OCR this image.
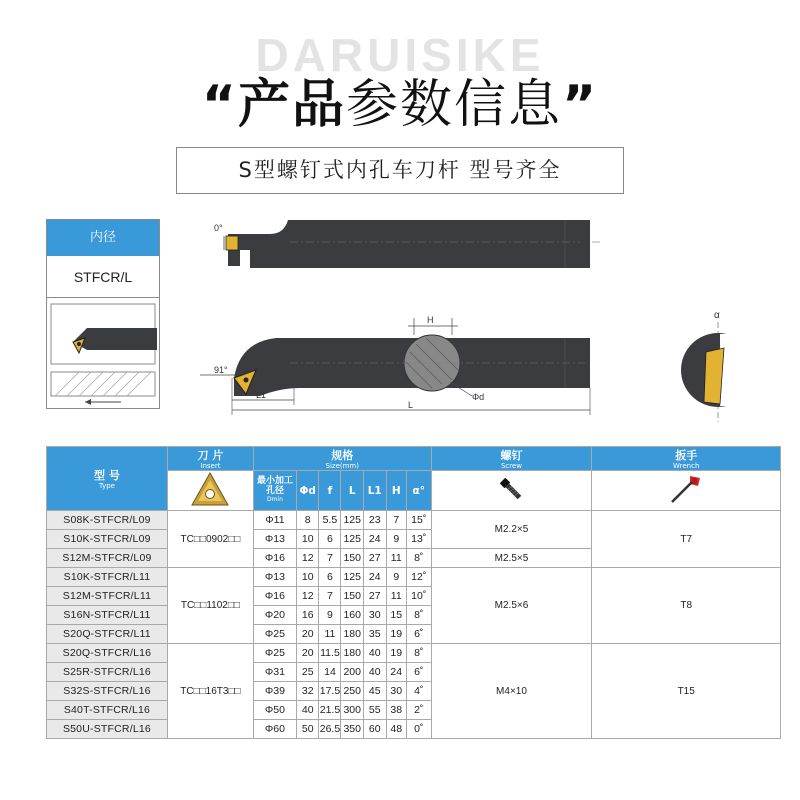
DARUISIKE
“产品参数信息”
S型螺钉式内孔车刀杆 型号齐全
内径
STFCR/L
0°
H
91°
L1
L
Φd
α
型 号
Type	刀 片
Insert	规格
Size(mm)							螺钉
Screw	扳手
Wrench

最小加工孔径
Dmin	Φd	f	L	L1	H	α°		
S08K-STFCR/L09	TC□□0902□□	Φ11	8	5.5	125	23	7	15˚	M2.2×5	T7
S10K-STFCR/L09		Φ13	10	6	125	24	9	13˚		
S12M-STFCR/L09		Φ16	12	7	150	27	11	8˚	M2.5×5	
S10K-STFCR/L11	TC□□1102□□	Φ13	10	6	125	24	9	12˚	M2.5×6	T8
S12M-STFCR/L11		Φ16	12	7	150	27	11	10˚		
S16N-STFCR/L11		Φ20	16	9	160	30	15	8˚		
S20Q-STFCR/L11		Φ25	20	11	180	35	19	6˚		
S20Q-STFCR/L16	TC□□16T3□□	Φ25	20	11.5	180	40	19	8˚	M4×10	T15
S25R-STFCR/L16		Φ31	25	14	200	40	24	6˚		
S32S-STFCR/L16		Φ39	32	17.5	250	45	30	4˚		
S40T-STFCR/L16		Φ50	40	21.5	300	55	38	2˚		
S50U-STFCR/L16		Φ60	50	26.5	350	60	48	0˚		
